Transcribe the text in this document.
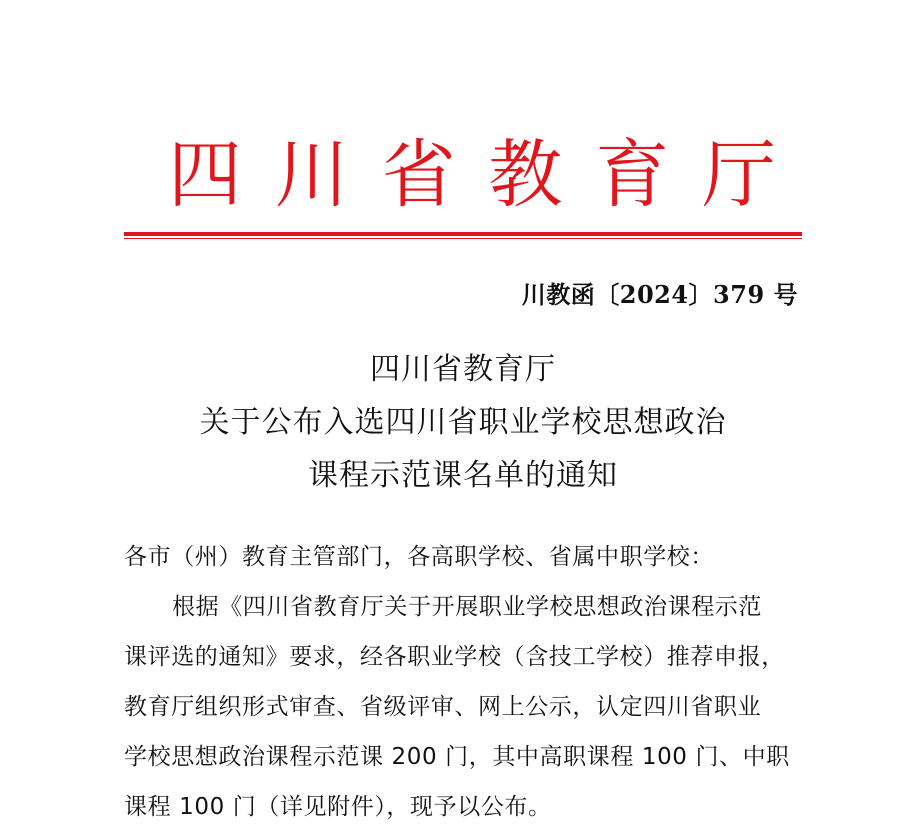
四 川 省 教 育 厅
川教函〔2024〕379 号
四川省教育厅
关于公布入选四川省职业学校思想政治
课程示范课名单的通知
各市（州）教育主管部门，各高职学校、省属中职学校：
根据《四川省教育厅关于开展职业学校思想政治课程示范
课评选的通知》要求，经各职业学校（含技工学校）推荐申报，
教育厅组织形式审查、省级评审、网上公示，认定四川省职业
学校思想政治课程示范课 200 门，其中高职课程 100 门、中职
课程 100 门（详见附件），现予以公布。
